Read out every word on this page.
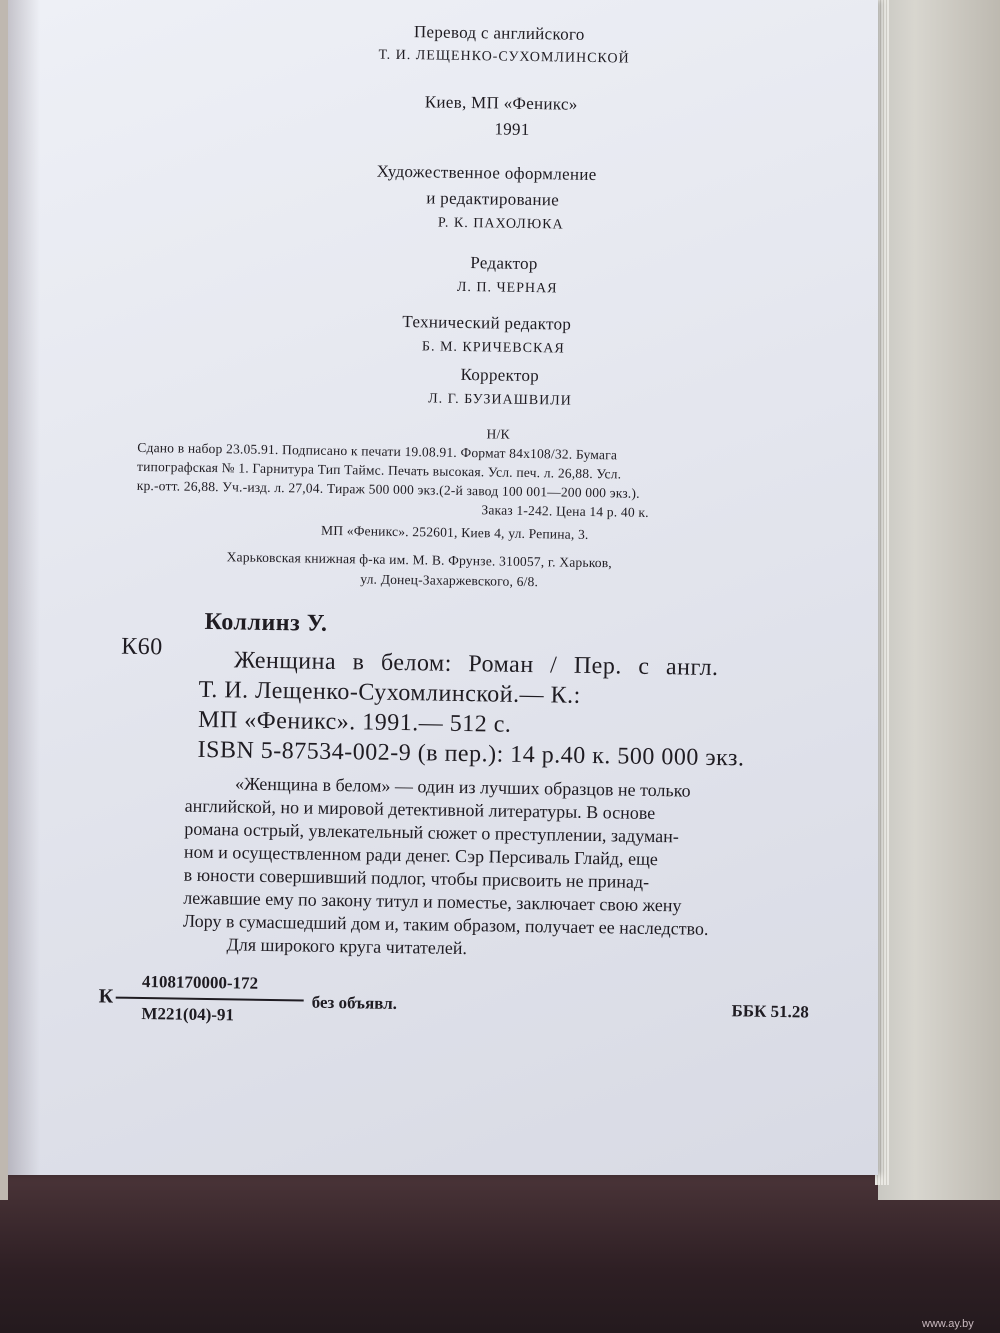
Перевод с английского
Т. И. ЛЕЩЕНКО-СУХОМЛИНСКОЙ
Киев, МП «Феникс»
1991
Художественное оформление
и редактирование
Р. К. ПАХОЛЮКА
Редактор
Л. П. ЧЕРНАЯ
Технический редактор
Б. М. КРИЧЕВСКАЯ
Корректор
Л. Г. БУЗИАШВИЛИ
Н/К
Сдано в набор 23.05.91. Подписано к печати 19.08.91. Формат 84х108/32. Бумага
типографская № 1. Гарнитура Тип Таймс. Печать высокая. Усл. печ. л. 26,88. Усл.
кр.-отт. 26,88. Уч.-изд. л. 27,04. Тираж 500 000 экз.(2-й завод 100 001—200 000 экз.).
Заказ 1-242. Цена 14 р. 40 к.
МП «Феникс». 252601, Киев 4, ул. Репина, 3.
Харьковская книжная ф-ка им. М. В. Фрунзе. 310057, г. Харьков,
ул. Донец-Захаржевского, 6/8.
Коллинз У.
К60
Женщина в белом: Роман / Пер. с англ.
Т. И. Лещенко-Сухомлинской.— К.:
МП «Феникс». 1991.— 512 с.
ISBN 5-87534-002-9 (в пер.): 14 р.40 к. 500 000 экз.
«Женщина в белом» — один из лучших образцов не только
английской, но и мировой детективной литературы. В основе
романа острый, увлекательный сюжет о преступлении, задуман-
ном и осуществленном ради денег. Сэр Персиваль Глайд, еще
в юности совершивший подлог, чтобы присвоить не принад-
лежавшие ему по закону титул и поместье, заключает свою жену
Лору в сумасшедший дом и, таким образом, получает ее наследство.
Для широкого круга читателей.
К
4108170000-172
М221(04)-91
без объявл.	ББК 51.28
www.ay.by
